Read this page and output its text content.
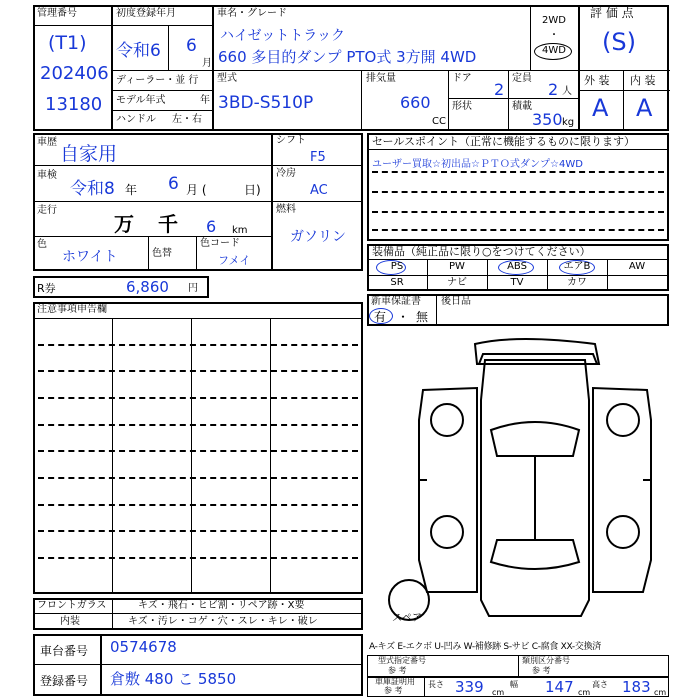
管理番号
(T1)
202406
13180
初度登録年月
令和6 6
月
車名・グレード
ハイゼットトラック
660 多目的ダンプ PTO式 3方開 4WD
2WD
・
4WD
評 価 点
(S)
外 装 内 装
A A
ディーラー・並 行
モデル年式	年
ハンドル 左・右
型式
3BD-S510P
排気量
660
CC
ドア
2
形状
定員
2 人
積載
350 kg
車歴
自家用
車検
令和8 年 6 月 (	日)
走行
万 千 6 km
色
ホワイト	色替
色コード
フメイ
シフト
F5
冷房
AC
燃料
ガソリン
R券	6,860 円
セールスポイント（正常に機能するものに限ります）
ユーザー買取☆初出品☆ＰＴＯ式ダンプ☆4WD
装備品（純正品に限り○をつけてください）
PS	PW	ABS	エアB	AW
SR	ナビ	TV	カワ
新車保証書
有 ・ 無
後日品
注意事項申告欄
スペア
フロントガラス	キズ・飛石・ヒビ割・リペア跡・X要
内装	キズ・汚レ・コゲ・穴・スレ・キレ・破レ
車台番号 0574678
登録番号 倉敷 480 こ 5850
A-キズ E-エクボ U-凹み W-補修跡 S-サビ C-腐食 XX-交換済
型式指定番号
参 考
類別区分番号
参 考
車庫証明用
参 考
長さ 339 cm
幅 147 cm
高さ 183 cm
